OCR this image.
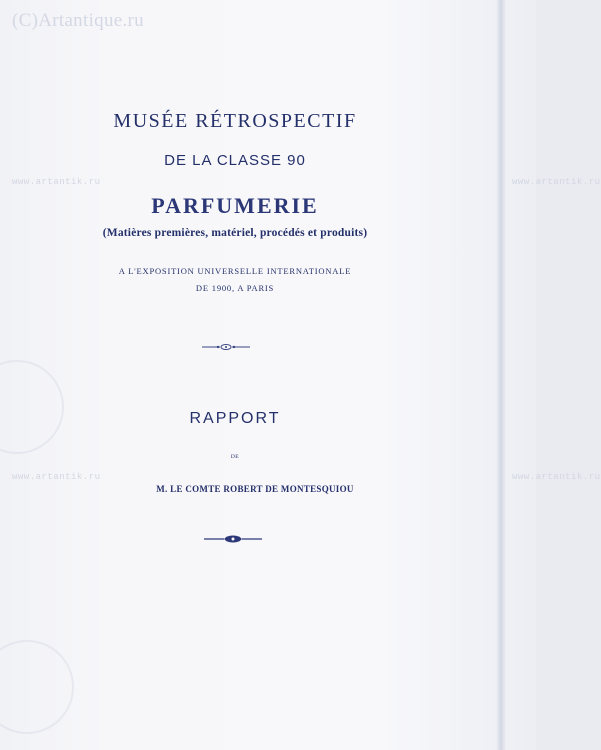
(C)Artantique.ru
www.artantik.ru	www.artantik.ru
www.artantik.ru	www.artantik.ru
MUSÉE RÉTROSPECTIF
DE LA CLASSE 90
PARFUMERIE
(Matières premières, matériel, procédés et produits)
A L'EXPOSITION UNIVERSELLE INTERNATIONALE
DE 1900, A PARIS
RAPPORT
DE
M. LE COMTE ROBERT DE MONTESQUIOU
